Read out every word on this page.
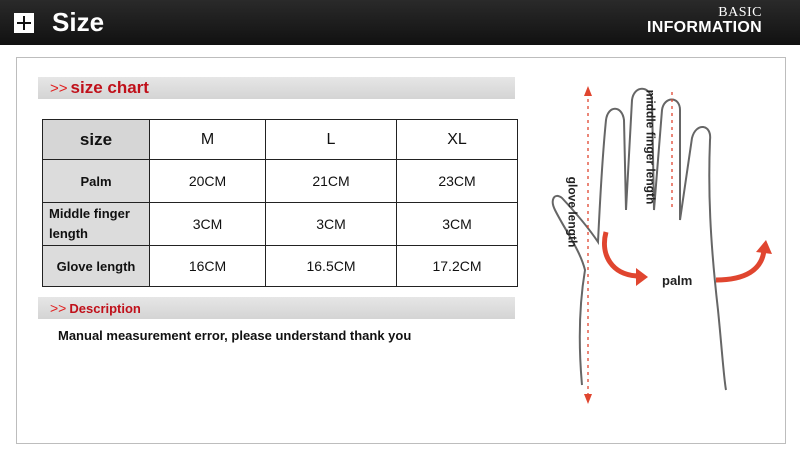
Size	BASIC
INFORMATION
>> size chart
size	M	L	XL
Palm	20CM	21CM	23CM
Middle finger length	3CM	3CM	3CM
Glove length	16CM	16.5CM	17.2CM
>> Description
Manual measurement error, please understand thank you
glove length
middle finger length
palm
